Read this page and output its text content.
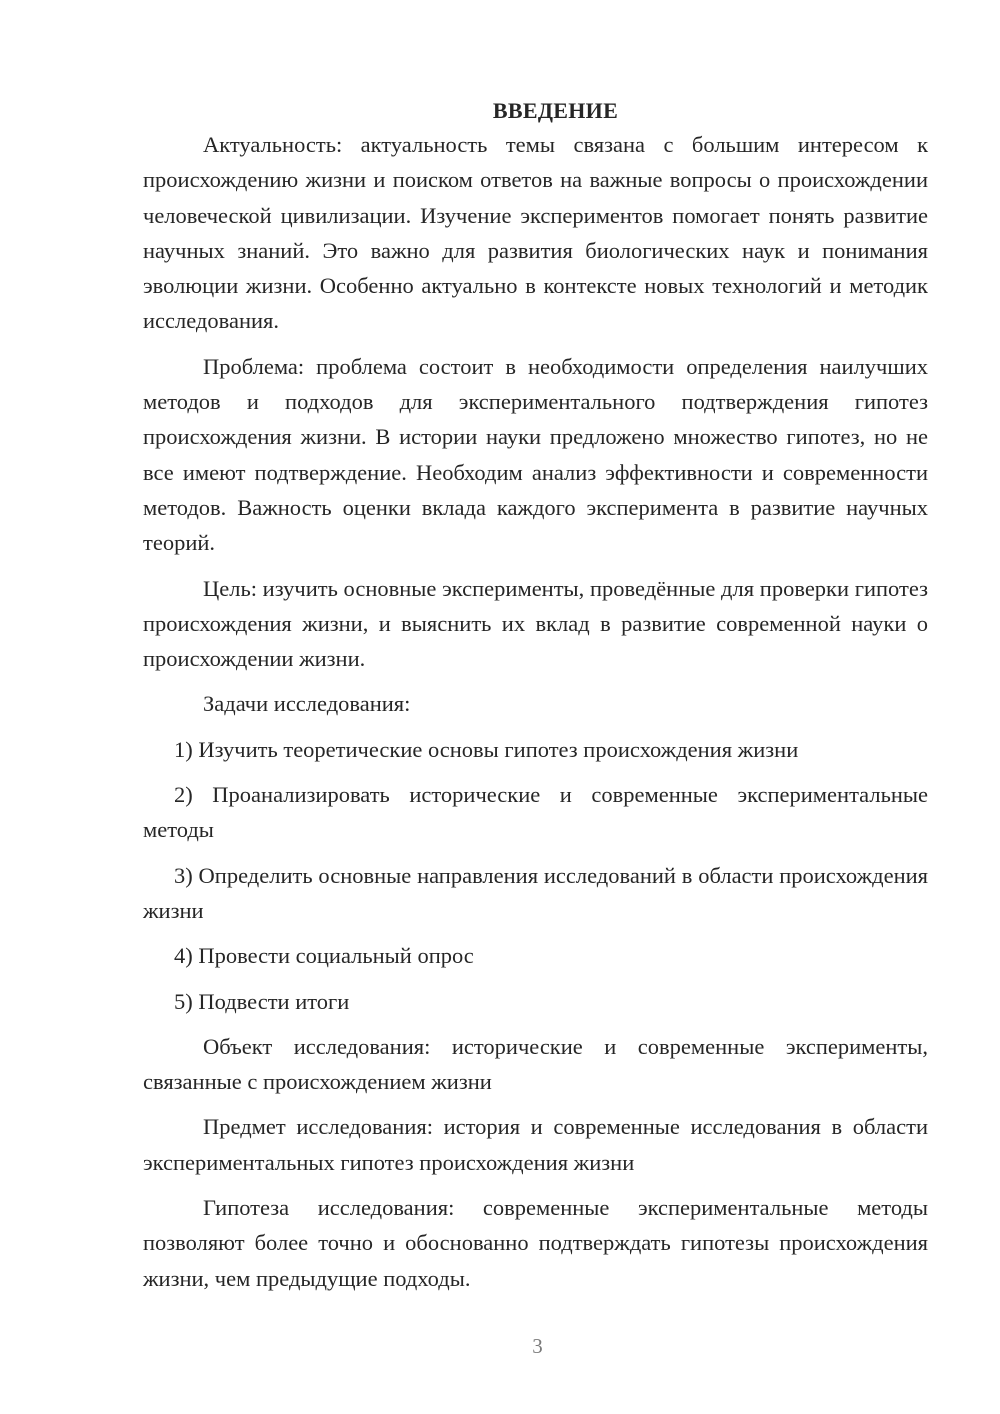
ВВЕДЕНИЕ

Актуальность: актуальность темы связана с большим интересом к происхождению жизни и поиском ответов на важные вопросы о происхождении человеческой цивилизации. Изучение экспериментов помогает понять развитие научных знаний. Это важно для развития биологических наук и понимания эволюции жизни. Особенно актуально в контексте новых технологий и методик исследования.

Проблема: проблема состоит в необходимости определения наилучших методов и подходов для экспериментального подтверждения гипотез происхождения жизни. В истории науки предложено множество гипотез, но не все имеют подтверждение. Необходим анализ эффективности и современности методов. Важность оценки вклада каждого эксперимента в развитие научных теорий.

Цель: изучить основные эксперименты, проведённые для проверки гипотез происхождения жизни, и выяснить их вклад в развитие современной науки о происхождении жизни.

Задачи исследования:

1) Изучить теоретические основы гипотез происхождения жизни

2) Проанализировать исторические и современные экспериментальные методы

3) Определить основные направления исследований в области происхождения жизни

4) Провести социальный опрос

5) Подвести итоги

Объект исследования: исторические и современные эксперименты, связанные с происхождением жизни

Предмет исследования: история и современные исследования в области экспериментальных гипотез происхождения жизни

Гипотеза исследования: современные экспериментальные методы позволяют более точно и обоснованно подтверждать гипотезы происхождения жизни, чем предыдущие подходы.

3
